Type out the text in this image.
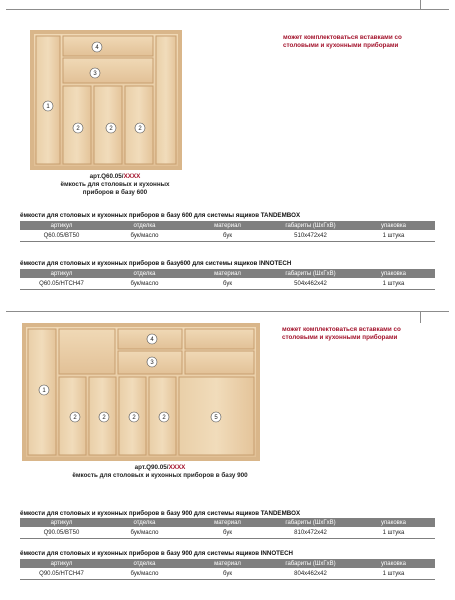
4
3
1
2	2	2
может комплектоваться вставками со столовыми и кухонными приборами
арт.Q60.05/XXXX
ёмкость для столовых и кухонных
приборов в базу 600
ёмкости для столовых и кухонных приборов в базу 600 для системы ящиков TANDEMBOX
артикул	отделка	материал	габариты (ШхГхВ)	упаковка
Q60.05/BT50	бук/масло	бук	510x472x42	1 штука
ёмкости для столовых и кухонных приборов в базу600 для системы ящиков INNOTECH
артикул	отделка	материал	габариты (ШхГхВ)	упаковка
Q60.05/HTCH47	бук/масло	бук	504x462x42	1 штука
4
3
1
2	2	2	2	5
может комплектоваться вставками со столовыми и кухонными приборами
арт.Q90.05/XXXX
ёмкость для столовых и кухонных приборов в базу 900
ёмкости для столовых и кухонных приборов в базу 900 для системы ящиков TANDEMBOX
артикул	отделка	материал	габариты (ШхГхВ)	упаковка
Q90.05/BT50	бук/масло	бук	810x472x42	1 штука
ёмкости для столовых и кухонных приборов в базу 900 для системы ящиков INNOTECH
артикул	отделка	материал	габариты (ШхГхВ)	упаковка
Q90.05/HTCH47	бук/масло	бук	804x462x42	1 штука
